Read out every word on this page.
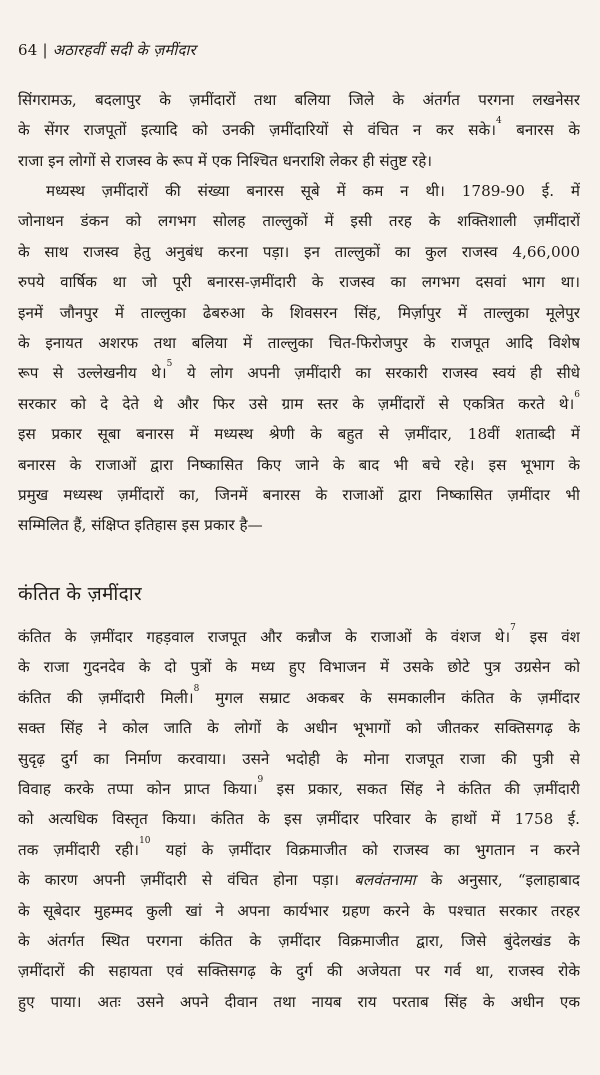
64 | अठारहवीं सदी के ज़मींदार
सिंगरामऊ, बदलापुर के ज़मींदारों तथा बलिया जिले के अंतर्गत परगना लखनेसर
के सेंगर राजपूतों इत्यादि को उनकी ज़मींदारियों से वंचित न कर सके।$^4$ बनारस के
राजा इन लोगों से राजस्व के रूप में एक निश्चित धनराशि लेकर ही संतुष्ट रहे।
मध्यस्थ ज़मींदारों की संख्या बनारस सूबे में कम न थी। 1789-90 ई. में
जोनाथन डंकन को लगभग सोलह ताल्लुकों में इसी तरह के शक्तिशाली ज़मींदारों
के साथ राजस्व हेतु अनुबंध करना पड़ा। इन ताल्लुकों का कुल राजस्व 4,66,000
रुपये वार्षिक था जो पूरी बनारस-ज़मींदारी के राजस्व का लगभग दसवां भाग था।
इनमें जौनपुर में ताल्लुका ढेबरुआ के शिवसरन सिंह, मिर्ज़ापुर में ताल्लुका मूलेपुर
के इनायत अशरफ तथा बलिया में ताल्लुका चित-फिरोजपुर के राजपूत आदि विशेष
रूप से उल्लेखनीय थे।$^5$ ये लोग अपनी ज़मींदारी का सरकारी राजस्व स्वयं ही सीधे
सरकार को दे देते थे और फिर उसे ग्राम स्तर के ज़मींदारों से एकत्रित करते थे।$^6$
इस प्रकार सूबा बनारस में मध्यस्थ श्रेणी के बहुत से ज़मींदार, 18वीं शताब्दी में
बनारस के राजाओं द्वारा निष्कासित किए जाने के बाद भी बचे रहे। इस भूभाग के
प्रमुख मध्यस्थ ज़मींदारों का, जिनमें बनारस के राजाओं द्वारा निष्कासित ज़मींदार भी
सम्मिलित हैं, संक्षिप्त इतिहास इस प्रकार है—
कंतित के ज़मींदार
कंतित के ज़मींदार गहड़वाल राजपूत और कन्नौज के राजाओं के वंशज थे।$^7$ इस वंश
के राजा गुदनदेव के दो पुत्रों के मध्य हुए विभाजन में उसके छोटे पुत्र उग्रसेन को
कंतित की ज़मींदारी मिली।$^8$ मुगल सम्राट अकबर के समकालीन कंतित के ज़मींदार
सक्त सिंह ने कोल जाति के लोगों के अधीन भूभागों को जीतकर सक्तिसगढ़ के
सुदृढ़ दुर्ग का निर्माण करवाया। उसने भदोही के मोना राजपूत राजा की पुत्री से
विवाह करके तप्पा कोन प्राप्त किया।$^9$ इस प्रकार, सकत सिंह ने कंतित की ज़मींदारी
को अत्यधिक विस्तृत किया। कंतित के इस ज़मींदार परिवार के हाथों में 1758 ई.
तक ज़मींदारी रही।$^{10}$ यहां के ज़मींदार विक्रमाजीत को राजस्व का भुगतान न करने
के कारण अपनी ज़मींदारी से वंचित होना पड़ा। बलवंतनामा के अनुसार, “इलाहाबाद
के सूबेदार मुहम्मद कुली खां ने अपना कार्यभार ग्रहण करने के पश्चात सरकार तरहर
के अंतर्गत स्थित परगना कंतित के ज़मींदार विक्रमाजीत द्वारा, जिसे बुंदेलखंड के
ज़मींदारों की सहायता एवं सक्तिसगढ़ के दुर्ग की अजेयता पर गर्व था, राजस्व रोके
हुए पाया। अतः उसने अपने दीवान तथा नायब राय परताब सिंह के अधीन एक
